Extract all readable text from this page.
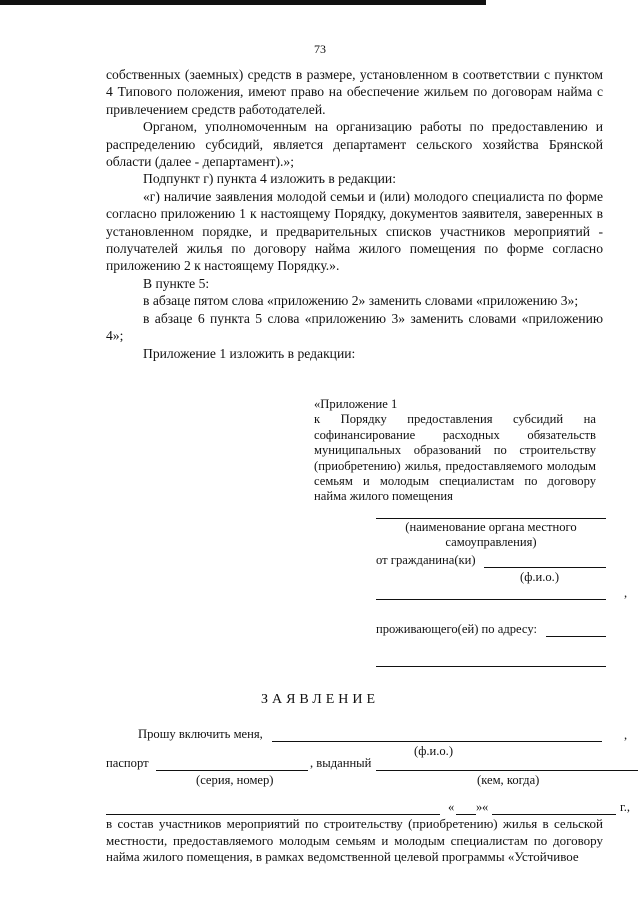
73

собственных (заемных) средств в размере, установленном в соответствии с пунктом 4 Типового положения, имеют право на обеспечение жильем по договорам найма с привлечением средств работодателей.

Органом, уполномоченным на организацию работы по предоставлению и распределению субсидий, является департамент сельского хозяйства Брянской области (далее - департамент).»;

Подпункт г) пункта 4 изложить в редакции:

«г) наличие заявления молодой семьи и (или) молодого специалиста по форме согласно приложению 1 к настоящему Порядку, документов заявителя, заверенных в установленном порядке, и предварительных списков участников мероприятий - получателей жилья по договору найма жилого помещения по форме согласно приложению 2 к настоящему Порядку.».

В пункте 5:

в абзаце пятом слова «приложению 2» заменить словами «приложению 3»;

в абзаце 6 пункта 5 слова «приложению 3» заменить словами «приложению 4»;

Приложение 1 изложить в редакции:

«Приложение 1

к Порядку предоставления субсидий на софинансирование расходных обязательств муниципальных образований по строительству (приобретению) жилья, предоставляемого молодым семьям и молодым специалистам по договору найма жилого помещения

(наименование органа местного самоуправления)
от гражданина(ки)
(ф.и.о.)
,
проживающего(ей) по адресу:
ЗАЯВЛЕНИЕ
Прошу включить меня,	,
(ф.и.о.)
паспорт	, выданный
(серия, номер)	(кем, когда)
« » «	г.,

в состав участников мероприятий по строительству (приобретению) жилья в сельской местности, предоставляемого молодым семьям и молодым специалистам по договору найма жилого помещения, в рамках ведомственной целевой программы «Устойчивое
